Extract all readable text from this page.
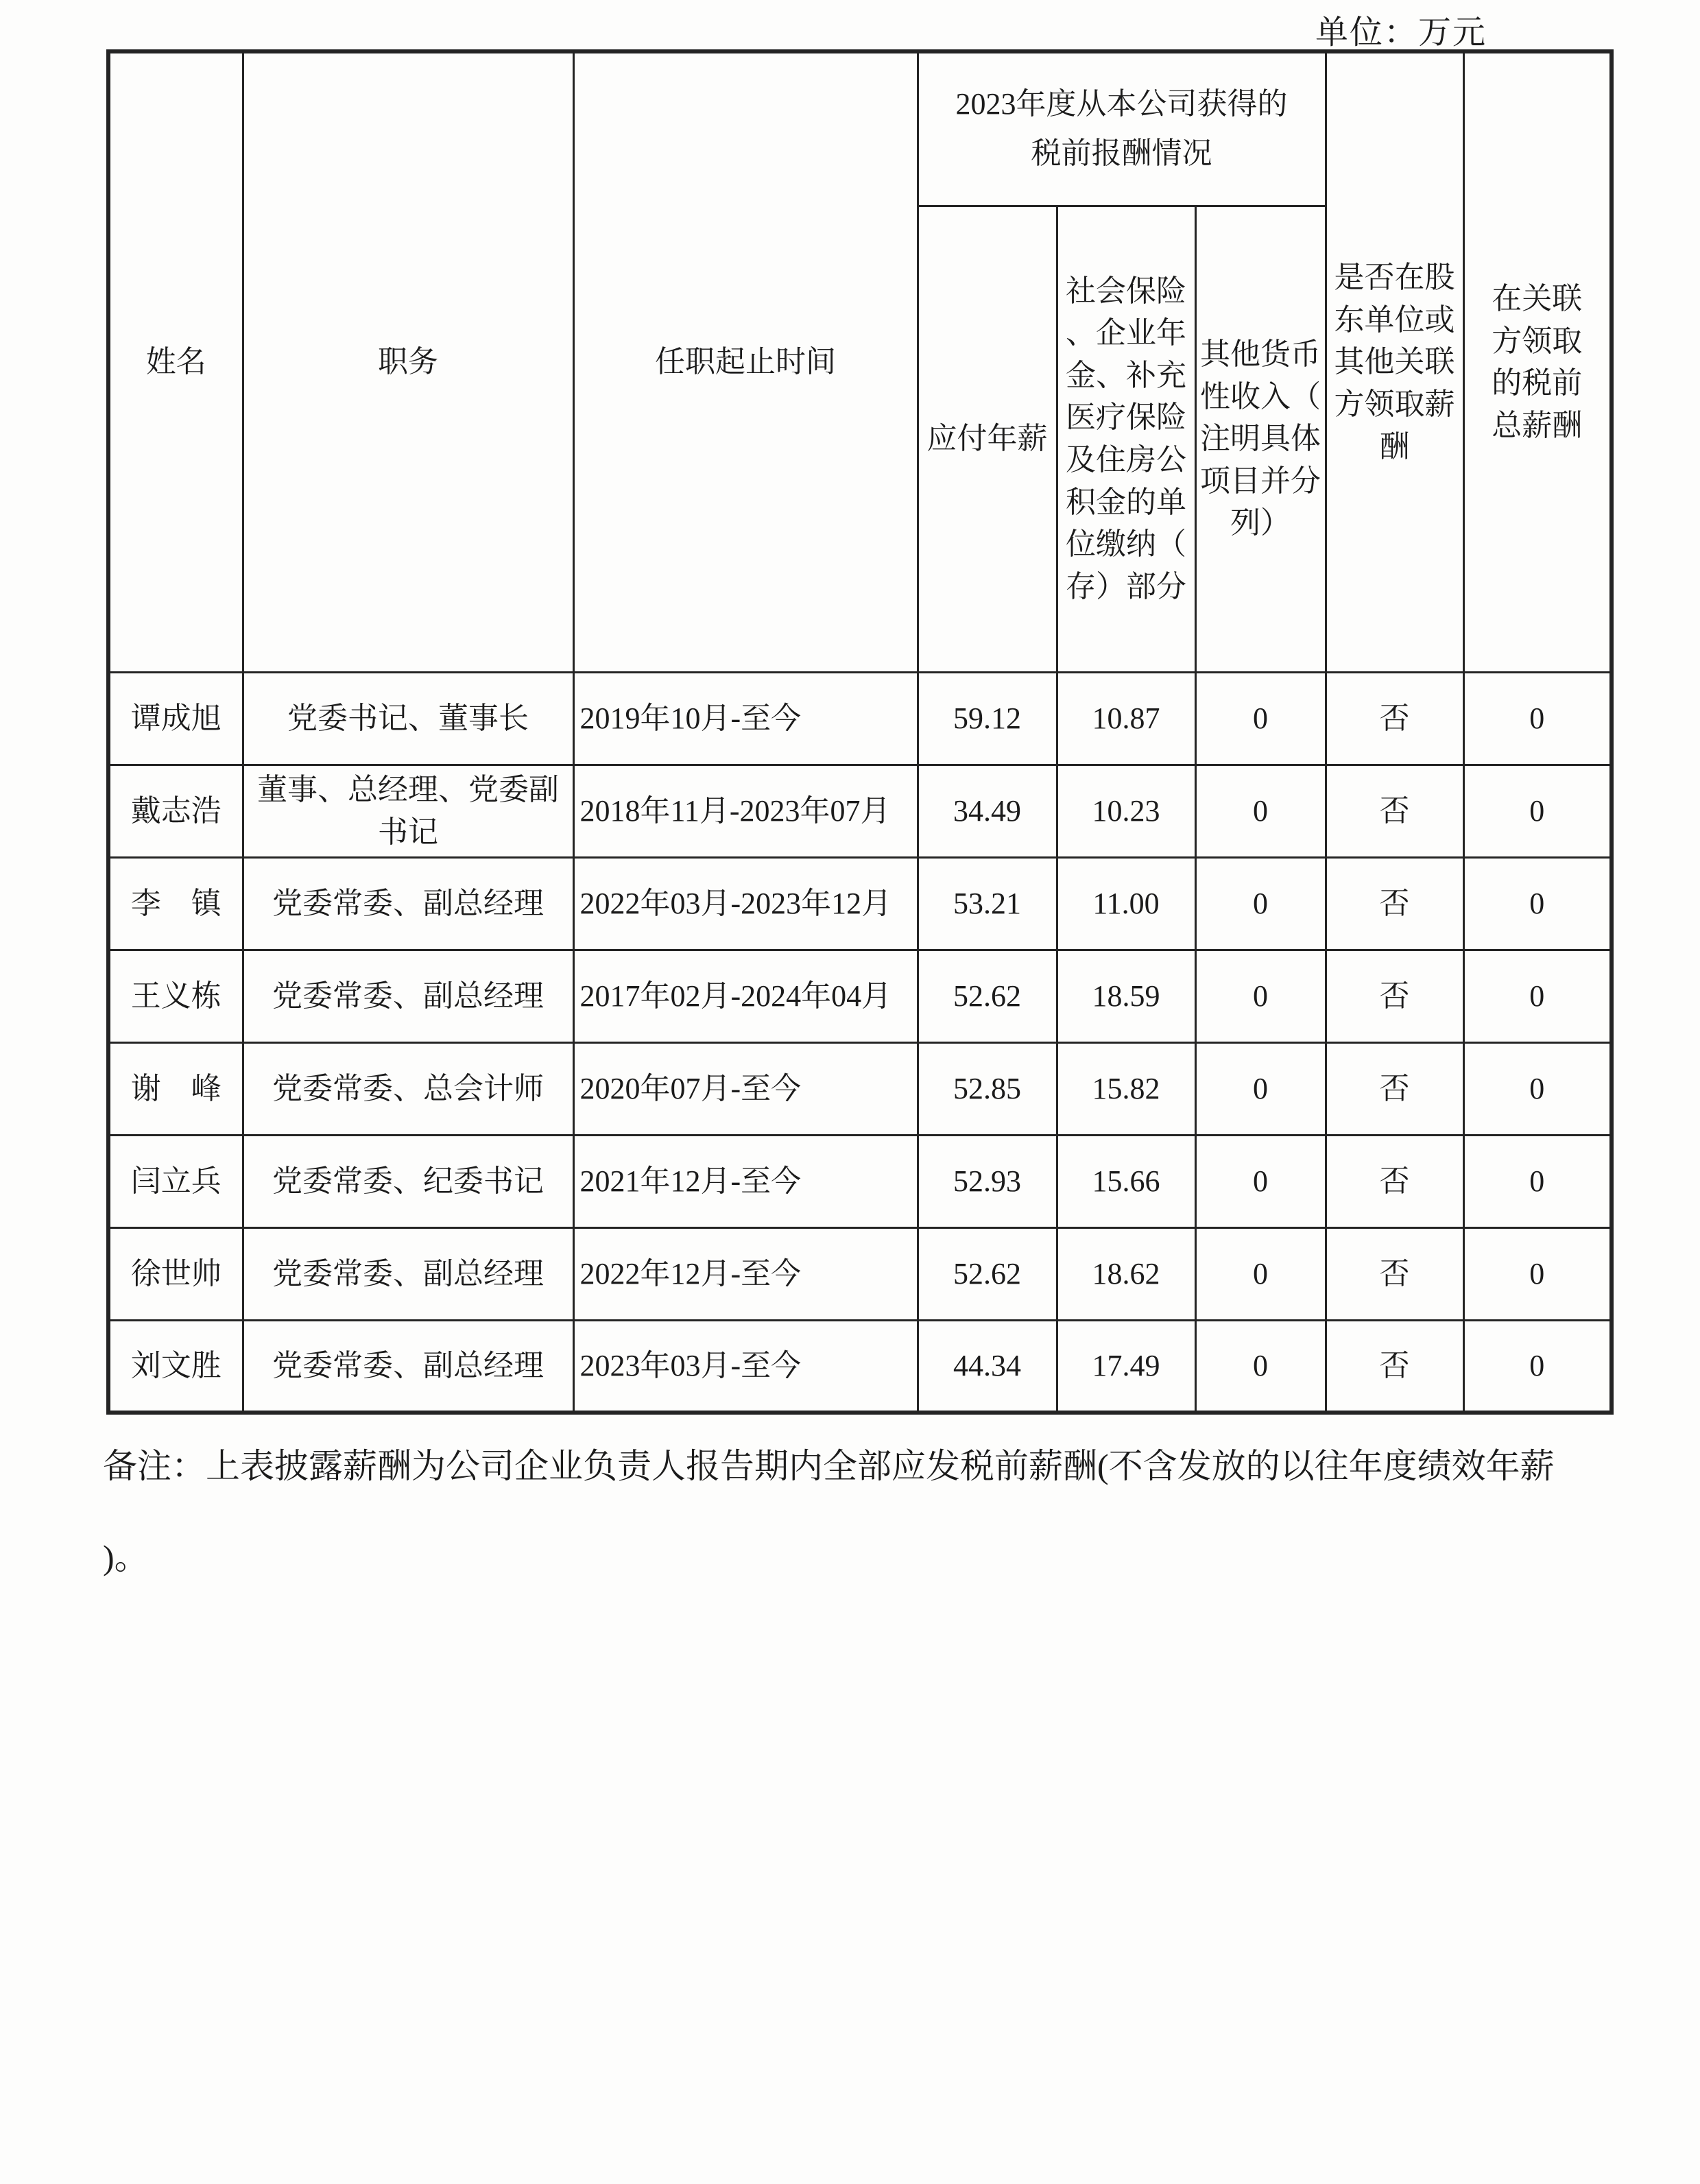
单位：万元
姓名	职务	任职起止时间	2023年度从本公司获得的税前报酬情况			是否在股东单位或其他关联方领取薪酬	在关联方领取的税前总薪酬
			应付年薪	社会保险、企业年金、补充医疗保险及住房公积金的单位缴纳（存）部分	其他货币性收入（注明具体项目并分列）		
谭成旭	党委书记、董事长	2019年10月-至今	59.12	10.87	0	否	0
戴志浩	董事、总经理、党委副书记	2018年11月-2023年07月	34.49	10.23	0	否	0
李　镇	党委常委、副总经理	2022年03月-2023年12月	53.21	11.00	0	否	0
王义栋	党委常委、副总经理	2017年02月-2024年04月	52.62	18.59	0	否	0
谢　峰	党委常委、总会计师	2020年07月-至今	52.85	15.82	0	否	0
闫立兵	党委常委、纪委书记	2021年12月-至今	52.93	15.66	0	否	0
徐世帅	党委常委、副总经理	2022年12月-至今	52.62	18.62	0	否	0
刘文胜	党委常委、副总经理	2023年03月-至今	44.34	17.49	0	否	0
备注：上表披露薪酬为公司企业负责人报告期内全部应发税前薪酬(不含发放的以往年度绩效年薪)。
